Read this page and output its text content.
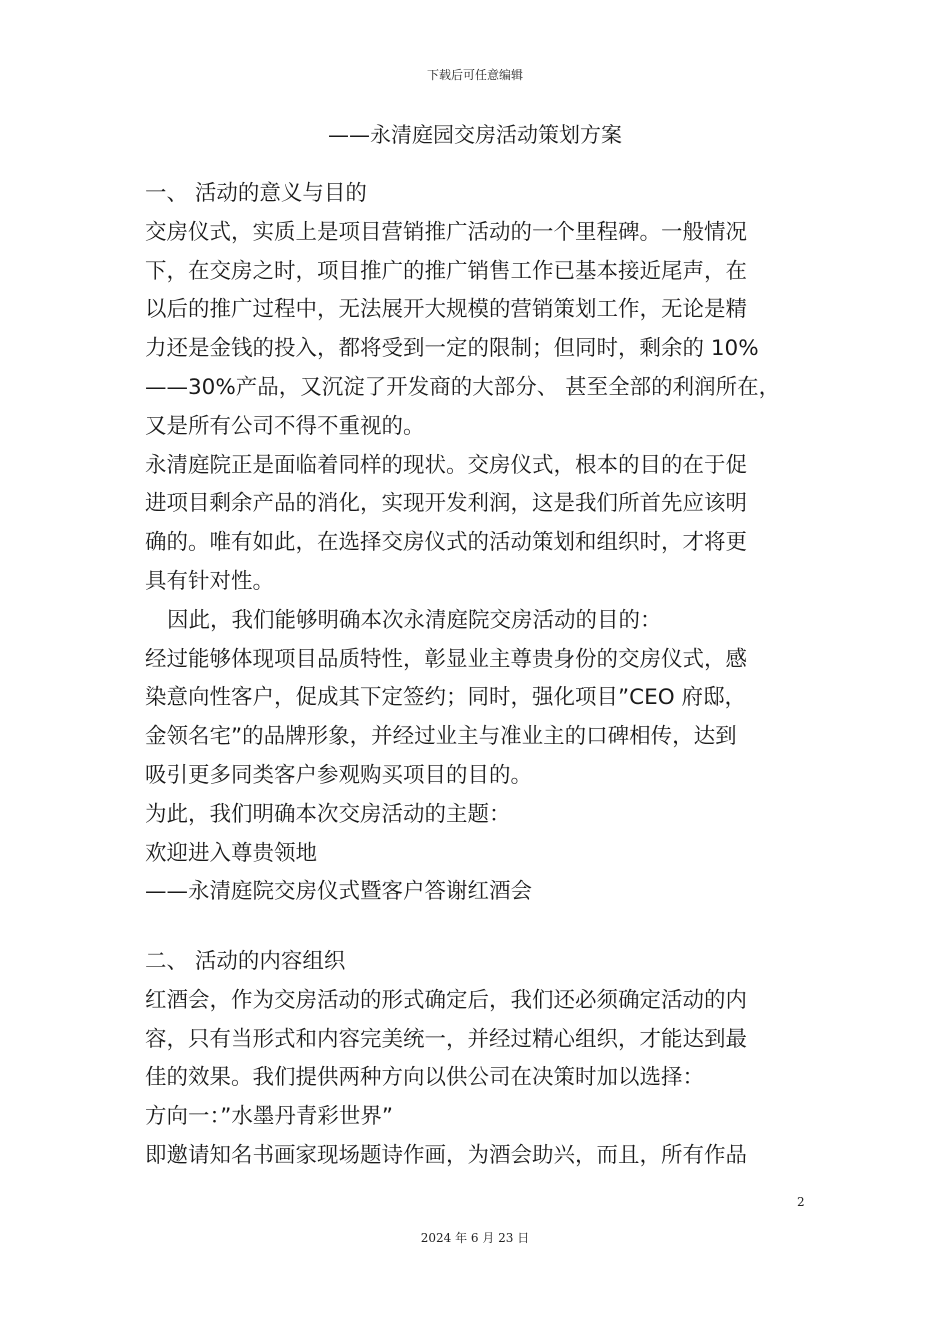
下载后可任意编辑
——永清庭园交房活动策划方案
一、 活动的意义与目的
交房仪式，实质上是项目营销推广活动的一个里程碑。一般情况
下，在交房之时，项目推广的推广销售工作已基本接近尾声，在
以后的推广过程中，无法展开大规模的营销策划工作，无论是精
力还是金钱的投入，都将受到一定的限制；但同时，剩余的 10%
——30%产品，又沉淀了开发商的大部分、 甚至全部的利润所在，
又是所有公司不得不重视的。
永清庭院正是面临着同样的现状。交房仪式，根本的目的在于促
进项目剩余产品的消化，实现开发利润，这是我们所首先应该明
确的。唯有如此，在选择交房仪式的活动策划和组织时，才将更
具有针对性。
因此，我们能够明确本次永清庭院交房活动的目的：
经过能够体现项目品质特性，彰显业主尊贵身份的交房仪式，感
染意向性客户，促成其下定签约；同时，强化项目”CEO 府邸，
金领名宅”的品牌形象，并经过业主与准业主的口碑相传，达到
吸引更多同类客户参观购买项目的目的。
为此，我们明确本次交房活动的主题：
欢迎进入尊贵领地
——永清庭院交房仪式暨客户答谢红酒会
二、 活动的内容组织
红酒会，作为交房活动的形式确定后，我们还必须确定活动的内
容，只有当形式和内容完美统一，并经过精心组织，才能达到最
佳的效果。我们提供两种方向以供公司在决策时加以选择：
方向一：”水墨丹青彩世界”
即邀请知名书画家现场题诗作画，为酒会助兴，而且，所有作品
2
2024 年 6 月 23 日
